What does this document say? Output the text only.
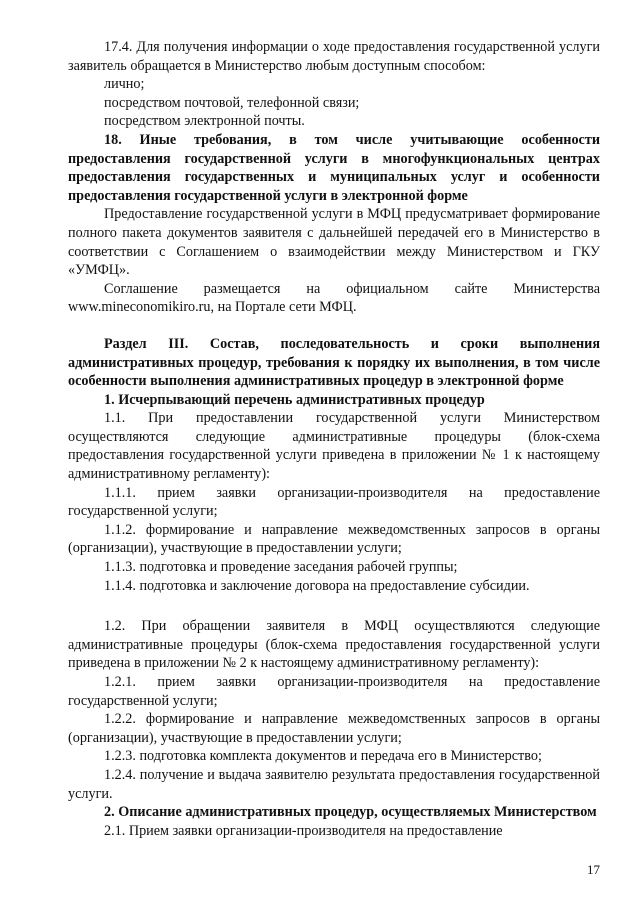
17.4. Для получения информации о ходе предоставления государственной услуги заявитель обращается в Министерство любым доступным способом:

лично;

посредством почтовой, телефонной связи;

посредством электронной почты.

18. Иные требования, в том числе учитывающие особенности предоставления государственной услуги в многофункциональных центрах предоставления государственных и муниципальных услуг и особенности предоставления государственной услуги в электронной форме

Предоставление государственной услуги в МФЦ предусматривает формирование полного пакета документов заявителя с дальнейшей передачей его в Министерство в соответствии с Соглашением о взаимодействии между Министерством и ГКУ «УМФЦ».

Соглашение размещается на официальном сайте Министерства www.mineconomikiro.ru, на Портале сети МФЦ.

Раздел III. Состав, последовательность и сроки выполнения административных процедур, требования к порядку их выполнения, в том числе особенности выполнения административных процедур в электронной форме

1. Исчерпывающий перечень административных процедур

1.1. При предоставлении государственной услуги Министерством осуществляются следующие административные процедуры (блок-схема предоставления государственной услуги приведена в приложении № 1 к настоящему административному регламенту):

1.1.1. прием заявки организации-производителя на предоставление государственной услуги;

1.1.2. формирование и направление межведомственных запросов в органы (организации), участвующие в предоставлении услуги;

1.1.3. подготовка и проведение заседания рабочей группы;

1.1.4. подготовка и заключение договора на предоставление субсидии.

1.2. При обращении заявителя в МФЦ осуществляются следующие административные процедуры (блок-схема предоставления государственной услуги приведена в приложении № 2 к настоящему административному регламенту):

1.2.1. прием заявки организации-производителя на предоставление государственной услуги;

1.2.2. формирование и направление межведомственных запросов в органы (организации), участвующие в предоставлении услуги;

1.2.3. подготовка комплекта документов и передача его в Министерство;

1.2.4. получение и выдача заявителю результата предоставления государственной услуги.

2. Описание административных процедур, осуществляемых Министерством

2.1. Прием заявки организации-производителя на предоставление

17
